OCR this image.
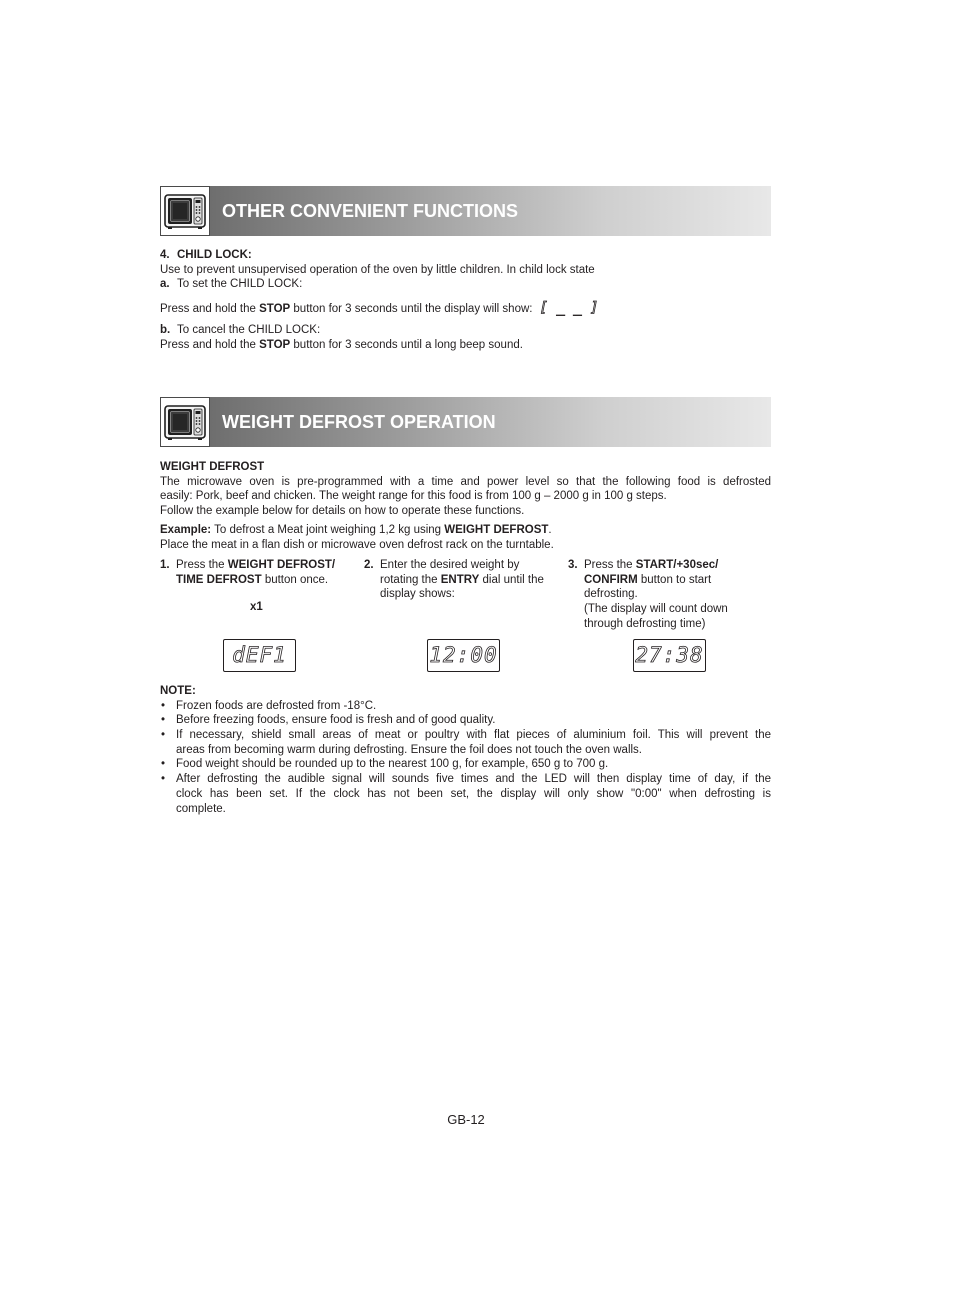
OTHER CONVENIENT FUNCTIONS
4. CHILD LOCK:
Use to prevent unsupervised operation of the oven by little children. In child lock state
a. To set the CHILD LOCK:
Press and hold the STOP button for 3 seconds until the display will show: [ _ _ ]
b. To cancel the CHILD LOCK:
Press and hold the STOP button for 3 seconds until a long beep sound.
WEIGHT DEFROST OPERATION
WEIGHT DEFROST
The microwave oven is pre-programmed with a time and power level so that the following food is defrosted
easily: Pork, beef and chicken. The weight range for this food is from 100 g – 2000 g in 100 g steps.
Follow the example below for details on how to operate these functions.
Example: To defrost a Meat joint weighing 1,2 kg using WEIGHT DEFROST.
Place the meat in a flan dish or microwave oven defrost rack on the turntable.
1. Press the WEIGHT DEFROST/
TIME DEFROST button once.
x1
2. Enter the desired weight by
rotating the ENTRY dial until the
display shows:
3. Press the START/+30sec/
CONFIRM button to start
defrosting.
(The display will count down
through defrosting time)
dEF1	12:00	27:38
NOTE:
• Frozen foods are defrosted from -18°C.
• Before freezing foods, ensure food is fresh and of good quality.
• If necessary, shield small areas of meat or poultry with flat pieces of aluminium foil. This will prevent the
areas from becoming warm during defrosting. Ensure the foil does not touch the oven walls.
• Food weight should be rounded up to the nearest 100 g, for example, 650 g to 700 g.
• After defrosting the audible signal will sounds five times and the LED will then display time of day, if the
clock has been set. If the clock has not been set, the display will only show "0:00" when defrosting is
complete.
GB-12
